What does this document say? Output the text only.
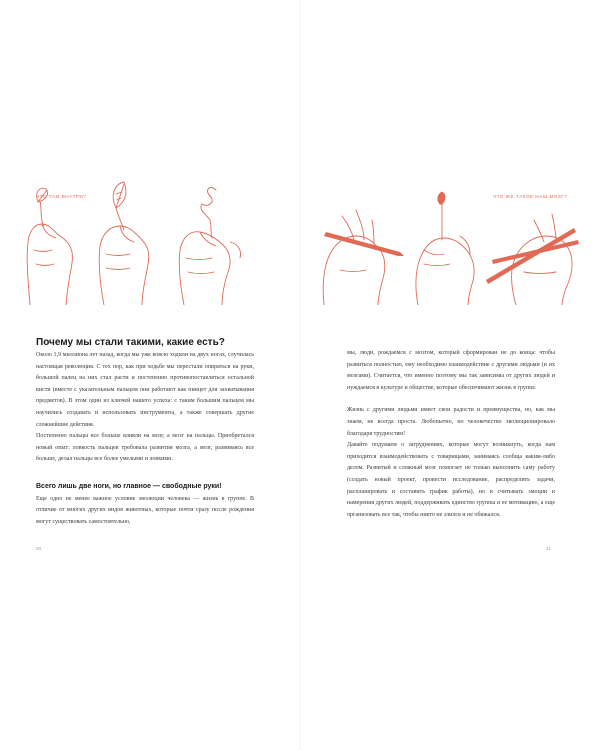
ЧТО ТАМ ВНУТРИ?
Почему мы стали такими, какие есть?

Около 1,9 миллиона лет назад, когда мы уже вовсю ходили на двух ногах, случилась настоящая революция. С тех пор, как при ходьбе мы перестали опираться на руки, большой палец на них стал расти и постепенно противопоставляться остальной кисти (вместе с указательным пальцем они работают как пинцет для захватывания предметов). В этом один из ключей нашего успеха: с таким большим пальцем мы научились создавать и использовать инструменты, а также совершать другие сложнейшие действия.

Постепенно пальцы все больше влияли на мозг, а мозг на пальцы. Приобретался новый опыт: ловкость пальцев требовала развития мозга, а мозг, развиваясь все больше, делал пальцы все более умелыми и ловкими.

Всего лишь две ноги, но главное — свободные руки!

Еще одно не менее важное условие эволюции человека — жизнь в группе. В отличие от многих других видов животных, которые почти сразу после рождения могут существовать самостоятельно,

20
ЧТО ЖЕ ТАКОЕ НАШ МОЗГ?

мы, люди, рождаемся с мозгом, который сформирован не до конца: чтобы развиться полностью, ему необходимо взаимодействие с другими людьми (и их мозгами). Считается, что именно поэтому мы так зависимы от других людей и нуждаемся в культуре и обществе, которые обеспечивают жизнь в группе.

Жизнь с другими людьми имеет свои радости и преимущества, но, как мы знаем, не всегда проста. Любопытно, но человечество эволюционировало благодаря трудностям!

Давайте подумаем о затруднениях, которые могут возникнуть, когда нам приходится взаимодействовать с товарищами, занимаясь сообща каким-либо делом. Развитый и сложный мозг помогает не только выполнить саму работу (создать новый проект, провести исследование, распределить задачи, распланировать и составить график работы), но и считывать эмоции и намерения других людей, поддерживать единство группы и ее мотивацию, а еще организовать все так, чтобы никто не злился и не обижался.

21
